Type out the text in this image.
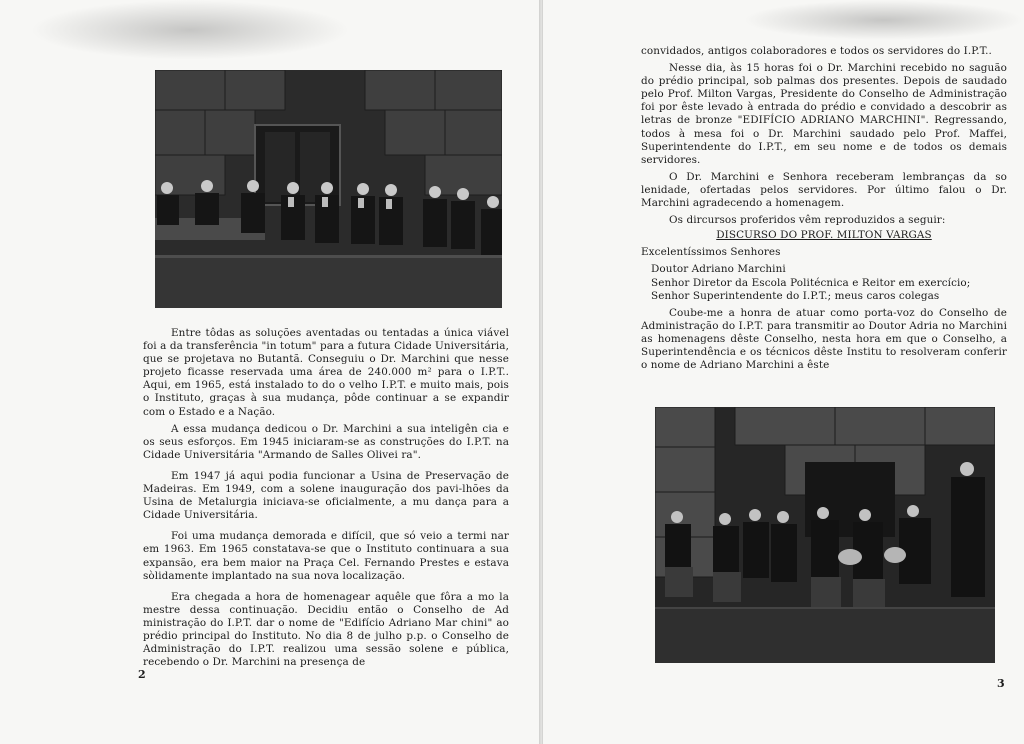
Entre tôdas as soluções aventadas ou tentadas a única viável foi a da transferência "in totum" para a futura Cidade Universitária, que se projetava no Butantã. Conseguiu o Dr. Marchini que nesse projeto ficasse reservada uma área de 240.000 m² para o I.P.T.. Aqui, em 1965, está instalado to do o velho I.P.T. e muito mais, pois o Instituto, graças à sua mudança, pôde continuar a se expandir com o Estado e a Nação.

A essa mudança dedicou o Dr. Marchini a sua inteligên cia e os seus esforços. Em 1945 iniciaram-se as construções do I.P.T. na Cidade Universitária "Armando de Salles Olivei ra".

Em 1947 já aqui podia funcionar a Usina de Preservação de Madeiras. Em 1949, com a solene inauguração dos pavi-lhões da Usina de Metalurgia iniciava-se oficialmente, a mu dança para a Cidade Universitária.

Foi uma mudança demorada e difícil, que só veio a termi nar em 1963. Em 1965 constatava-se que o Instituto continuara a sua expansão, era bem maior na Praça Cel. Fernando Prestes e estava sòlidamente implantado na sua nova localização.

Era chegada a hora de homenagear aquêle que fôra a mo la mestre dessa continuação. Decidiu então o Conselho de Ad ministração do I.P.T. dar o nome de "Edifício Adriano Mar chini" ao prédio principal do Instituto. No dia 8 de julho p.p. o Conselho de Administração do I.P.T. realizou uma sessão solene e pública, recebendo o Dr. Marchini na presença de

2

convidados, antigos colaboradores e todos os servidores do I.P.T..

Nesse dia, às 15 horas foi o Dr. Marchini recebido no saguão do prédio principal, sob palmas dos presentes. Depois de saudado pelo Prof. Milton Vargas, Presidente do Conselho de Administração foi por êste levado à entrada do prédio e convidado a descobrir as letras de bronze "EDIFÍCIO ADRIANO MARCHINI". Regressando, todos à mesa foi o Dr. Marchini saudado pelo Prof. Maffei, Superintendente do I.P.T., em seu nome e de todos os demais servidores.

O Dr. Marchini e Senhora receberam lembranças da so lenidade, ofertadas pelos servidores. Por último falou o Dr. Marchini agradecendo a homenagem.

Os dircursos proferidos vêm reproduzidos a seguir:

DISCURSO DO PROF. MILTON VARGAS

Excelentíssimos Senhores

Doutor Adriano Marchini

Senhor Diretor da Escola Politécnica e Reitor em exercício;

Senhor Superintendente do I.P.T.; meus caros colegas

Coube-me a honra de atuar como porta-voz do Conselho de Administração do I.P.T. para transmitir ao Doutor Adria no Marchini as homenagens dêste Conselho, nesta hora em que o Conselho, a Superintendência e os técnicos dêste Institu to resolveram conferir o nome de Adriano Marchini a êste

3
